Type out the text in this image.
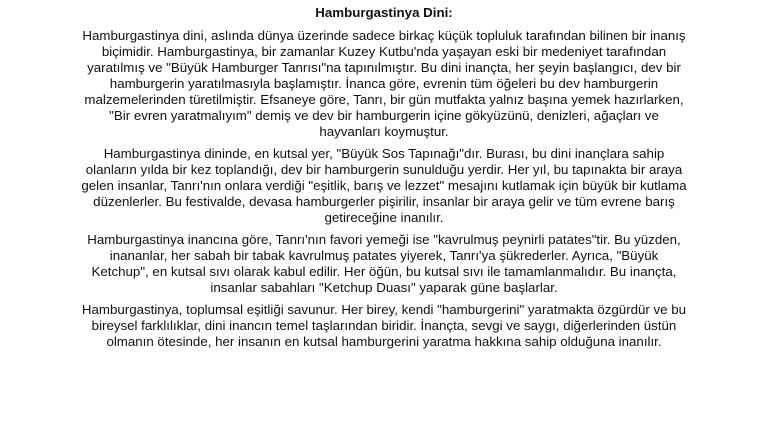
Hamburgastinya Dini:

Hamburgastinya dini, aslında dünya üzerinde sadece birkaç küçük topluluk tarafından bilinen bir inanış biçimidir. Hamburgastinya, bir zamanlar Kuzey Kutbu'nda yaşayan eski bir medeniyet tarafından yaratılmış ve "Büyük Hamburger Tanrısı"na tapınılmıştır. Bu dini inançta, her şeyin başlangıcı, dev bir hamburgerin yaratılmasıyla başlamıştır. İnanca göre, evrenin tüm öğeleri bu dev hamburgerin malzemelerinden türetilmiştir. Efsaneye göre, Tanrı, bir gün mutfakta yalnız başına yemek hazırlarken, "Bir evren yaratmalıyım" demiş ve dev bir hamburgerin içine gökyüzünü, denizleri, ağaçları ve hayvanları koymuştur.

Hamburgastinya dininde, en kutsal yer, "Büyük Sos Tapınağı"dır. Burası, bu dini inançlara sahip olanların yılda bir kez toplandığı, dev bir hamburgerin sunulduğu yerdir. Her yıl, bu tapınakta bir araya gelen insanlar, Tanrı'nın onlara verdiği "eşitlik, barış ve lezzet" mesajını kutlamak için büyük bir kutlama düzenlerler. Bu festivalde, devasa hamburgerler pişirilir, insanlar bir araya gelir ve tüm evrene barış getireceğine inanılır.

Hamburgastinya inancına göre, Tanrı'nın favori yemeği ise "kavrulmuş peynirli patates"tir. Bu yüzden, inananlar, her sabah bir tabak kavrulmuş patates yiyerek, Tanrı'ya şükrederler. Ayrıca, "Büyük Ketchup", en kutsal sıvı olarak kabul edilir. Her öğün, bu kutsal sıvı ile tamamlanmalıdır. Bu inançta, insanlar sabahları "Ketchup Duası" yaparak güne başlarlar.

Hamburgastinya, toplumsal eşitliği savunur. Her birey, kendi "hamburgerini" yaratmakta özgürdür ve bu bireysel farklılıklar, dini inancın temel taşlarından biridir. İnançta, sevgi ve saygı, diğerlerinden üstün olmanın ötesinde, her insanın en kutsal hamburgerini yaratma hakkına sahip olduğuna inanılır.
